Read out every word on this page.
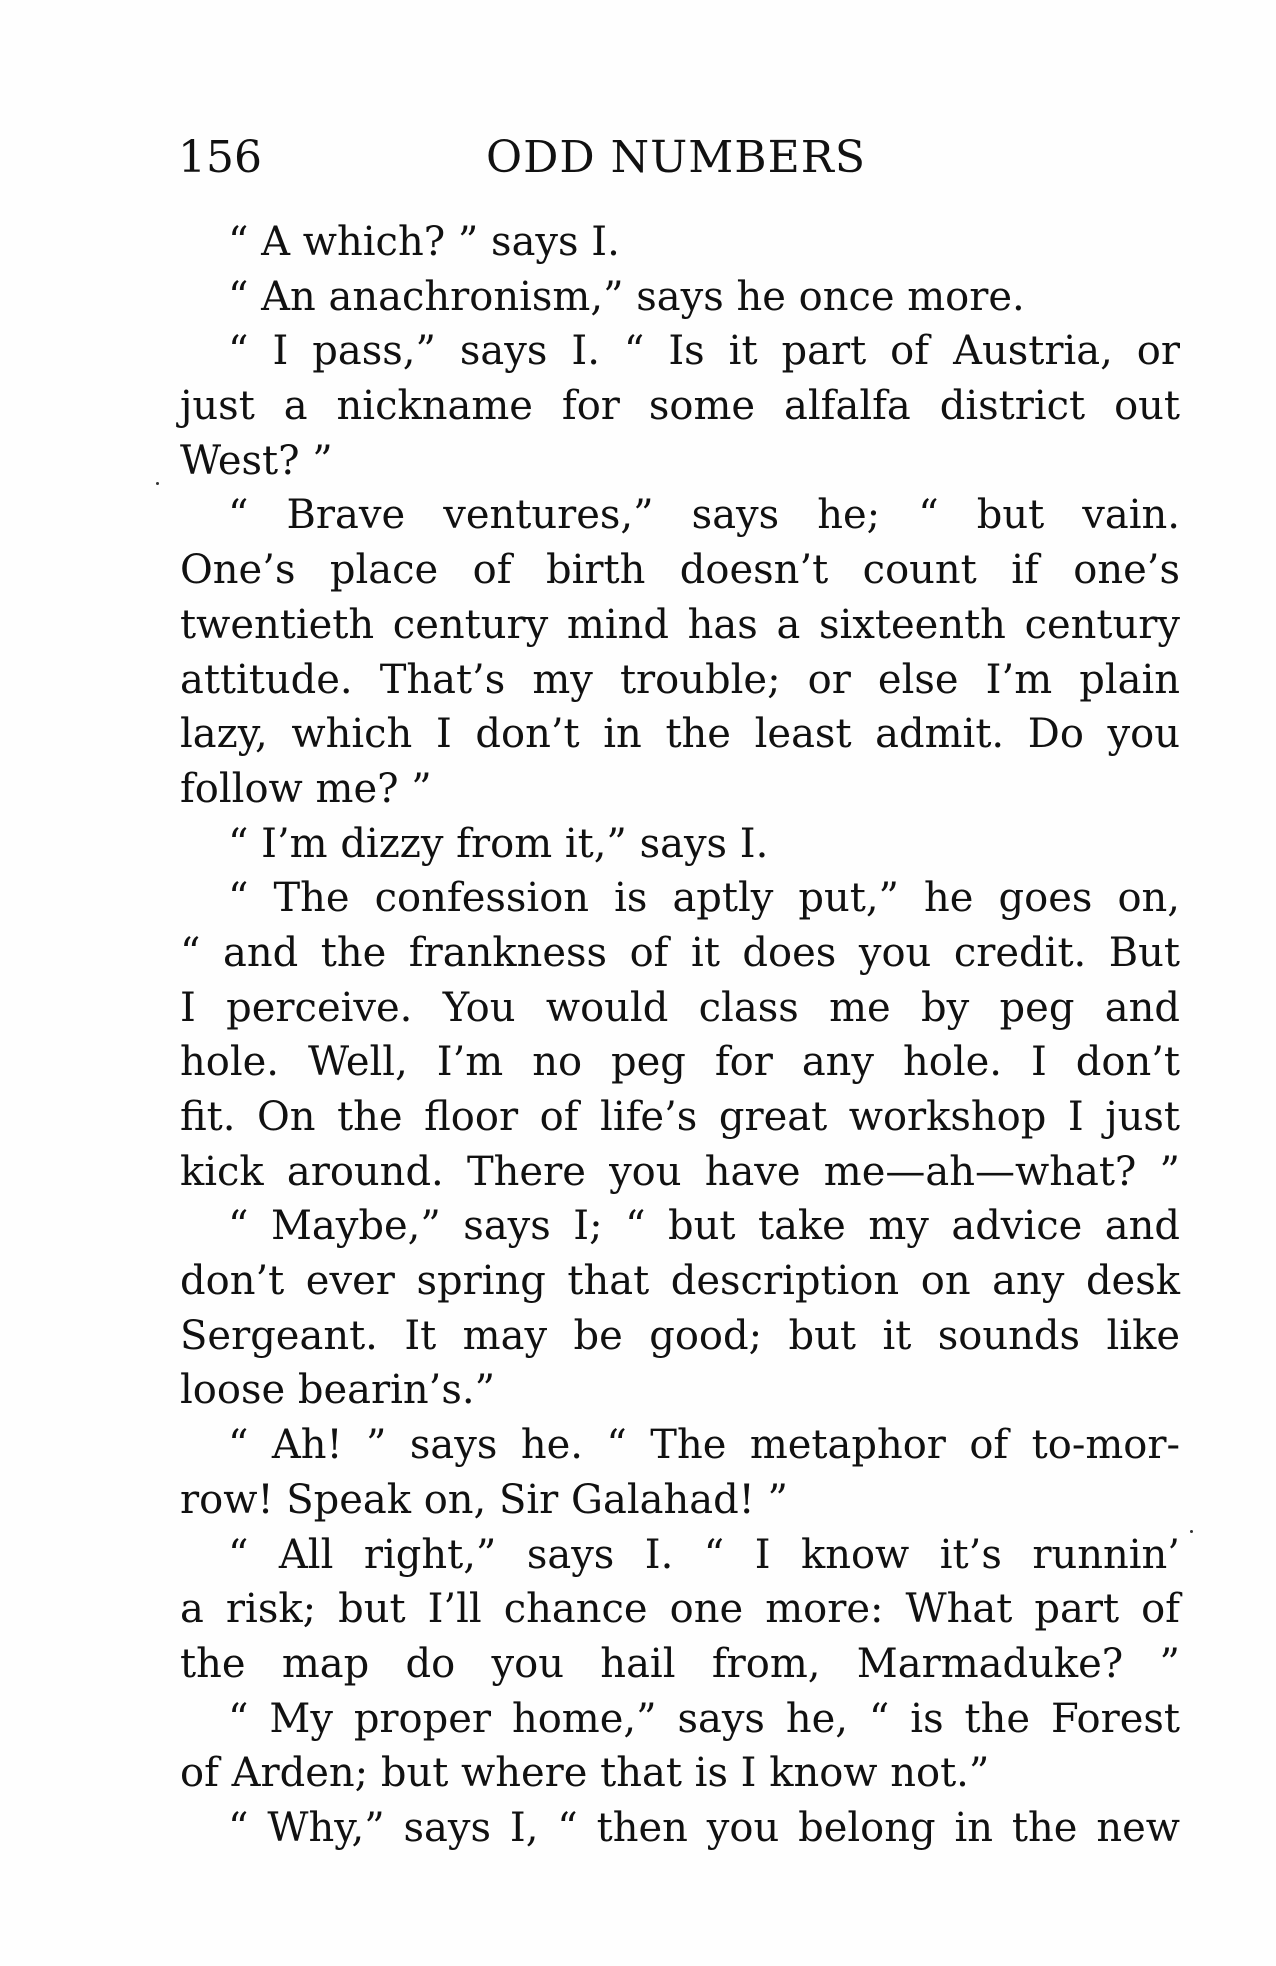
156	ODD NUMBERS
“ A which? ” says I.
“ An anachronism,” says he once more.
“ I pass,” says I. “ Is it part of Austria, or
just a nickname for some alfalfa district out
West? ”
“ Brave ventures,” says he; “ but vain.
One’s place of birth doesn’t count if one’s
twentieth century mind has a sixteenth century
attitude. That’s my trouble; or else I’m plain
lazy, which I don’t in the least admit. Do you
follow me? ”
“ I’m dizzy from it,” says I.
“ The confession is aptly put,” he goes on,
“ and the frankness of it does you credit. But
I perceive. You would class me by peg and
hole. Well, I’m no peg for any hole. I don’t
fit. On the floor of life’s great workshop I just
kick around. There you have me—ah—what? ”
“ Maybe,” says I; “ but take my advice and
don’t ever spring that description on any desk
Sergeant. It may be good; but it sounds like
loose bearin’s.”
“ Ah! ” says he. “ The metaphor of to-mor-
row! Speak on, Sir Galahad! ”
“ All right,” says I. “ I know it’s runnin’
a risk; but I’ll chance one more: What part of
the map do you hail from, Marmaduke? ”
“ My proper home,” says he, “ is the Forest
of Arden; but where that is I know not.”
“ Why,” says I, “ then you belong in the new
